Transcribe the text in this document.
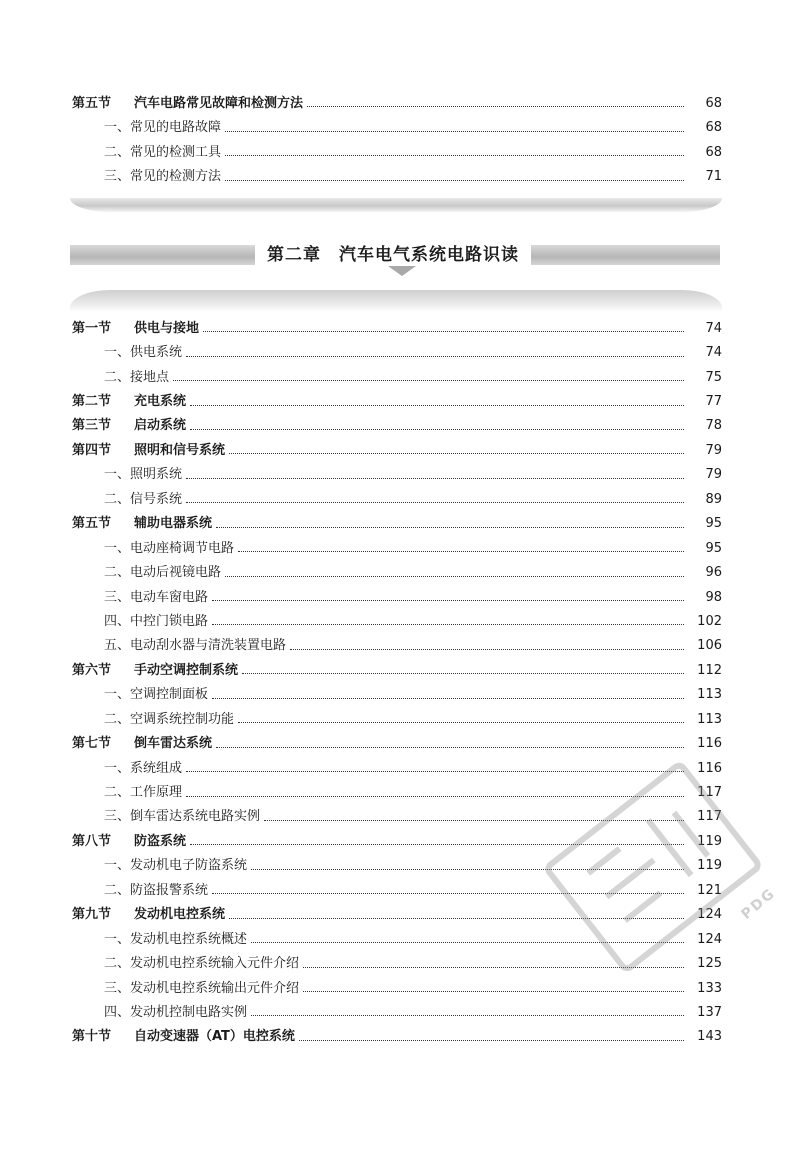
第五节	汽车电路常见故障和检测方法	68
一、常见的电路故障	68
二、常见的检测工具	68
三、常见的检测方法	71
第二章　汽车电气系统电路识读
第一节	供电与接地	74
一、供电系统	74
二、接地点	75
第二节	充电系统	77
第三节	启动系统	78
第四节	照明和信号系统	79
一、照明系统	79
二、信号系统	89
第五节	辅助电器系统	95
一、电动座椅调节电路	95
二、电动后视镜电路	96
三、电动车窗电路	98
四、中控门锁电路	102
五、电动刮水器与清洗装置电路	106
第六节	手动空调控制系统	112
一、空调控制面板	113
二、空调系统控制功能	113
第七节	倒车雷达系统	116
一、系统组成	116
二、工作原理	117
三、倒车雷达系统电路实例	117
第八节	防盗系统	119
一、发动机电子防盗系统	119
二、防盗报警系统	121
第九节	发动机电控系统	124
一、发动机电控系统概述	124
二、发动机电控系统输入元件介绍	125
三、发动机电控系统输出元件介绍	133
四、发动机控制电路实例	137
第十节	自动变速器（AT）电控系统	143
PDG
